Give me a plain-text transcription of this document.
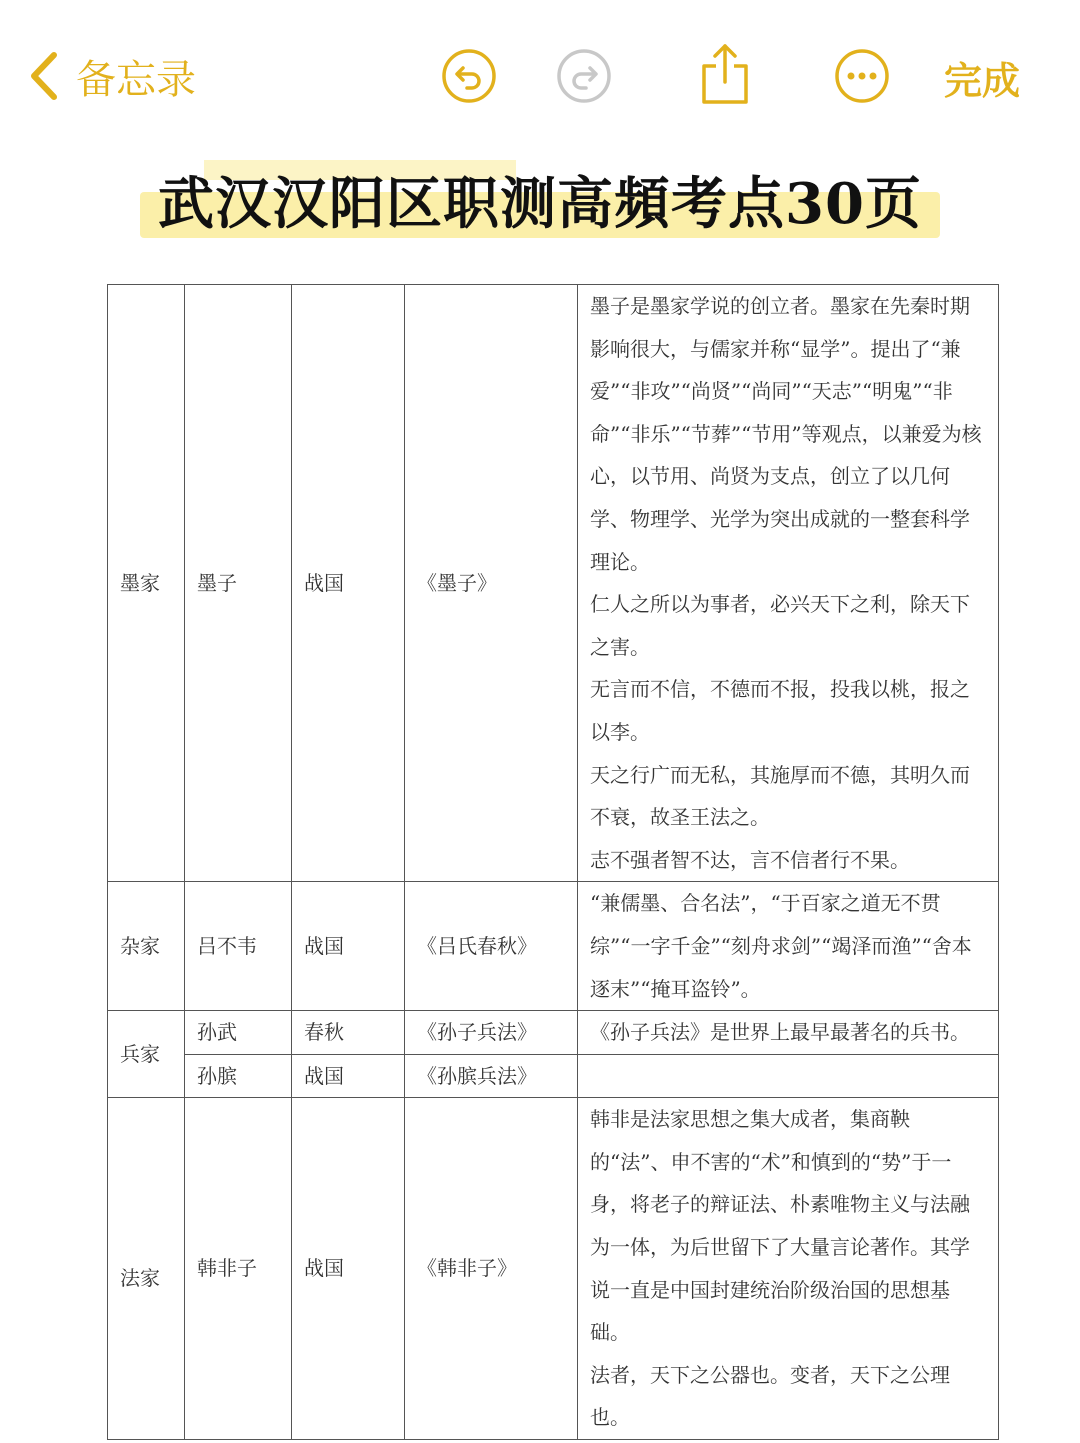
备忘录	完成
武汉汉阳区职测高頻考点30页
墨家	墨子	战国	《墨子》	墨子是墨家学说的创立者。墨家在先秦时期影响很大，与儒家并称“显学”。提出了“兼爱”“非攻”“尚贤”“尚同”“天志”“明鬼”“非命”“非乐”“节葬”“节用”等观点，以兼爱为核心，以节用、尚贤为支点，创立了以几何学、物理学、光学为突出成就的一整套科学理论。

仁人之所以为事者，必兴天下之利，除天下之害。

无言而不信，不德而不报，投我以桃，报之以李。

天之行广而无私，其施厚而不德，其明久而不衰，故圣王法之。

志不强者智不达，言不信者行不果。

杂家	吕不韦	战国	《吕氏春秋》	“兼儒墨、合名法”，“于百家之道无不贯综”“一字千金”“刻舟求剑”“竭泽而渔”“舍本逐末”“掩耳盗铃”。
兵家	孙武	春秋	《孙子兵法》	《孙子兵法》是世界上最早最著名的兵书。
	孙膑	战国	《孙膑兵法》	
法家	韩非子	战国	《韩非子》	韩非是法家思想之集大成者，集商鞅的“法”、申不害的“术”和慎到的“势”于一身，将老子的辩证法、朴素唯物主义与法融为一体，为后世留下了大量言论著作。其学说一直是中国封建统治阶级治国的思想基础。

法者，天下之公器也。变者，天下之公理也。
